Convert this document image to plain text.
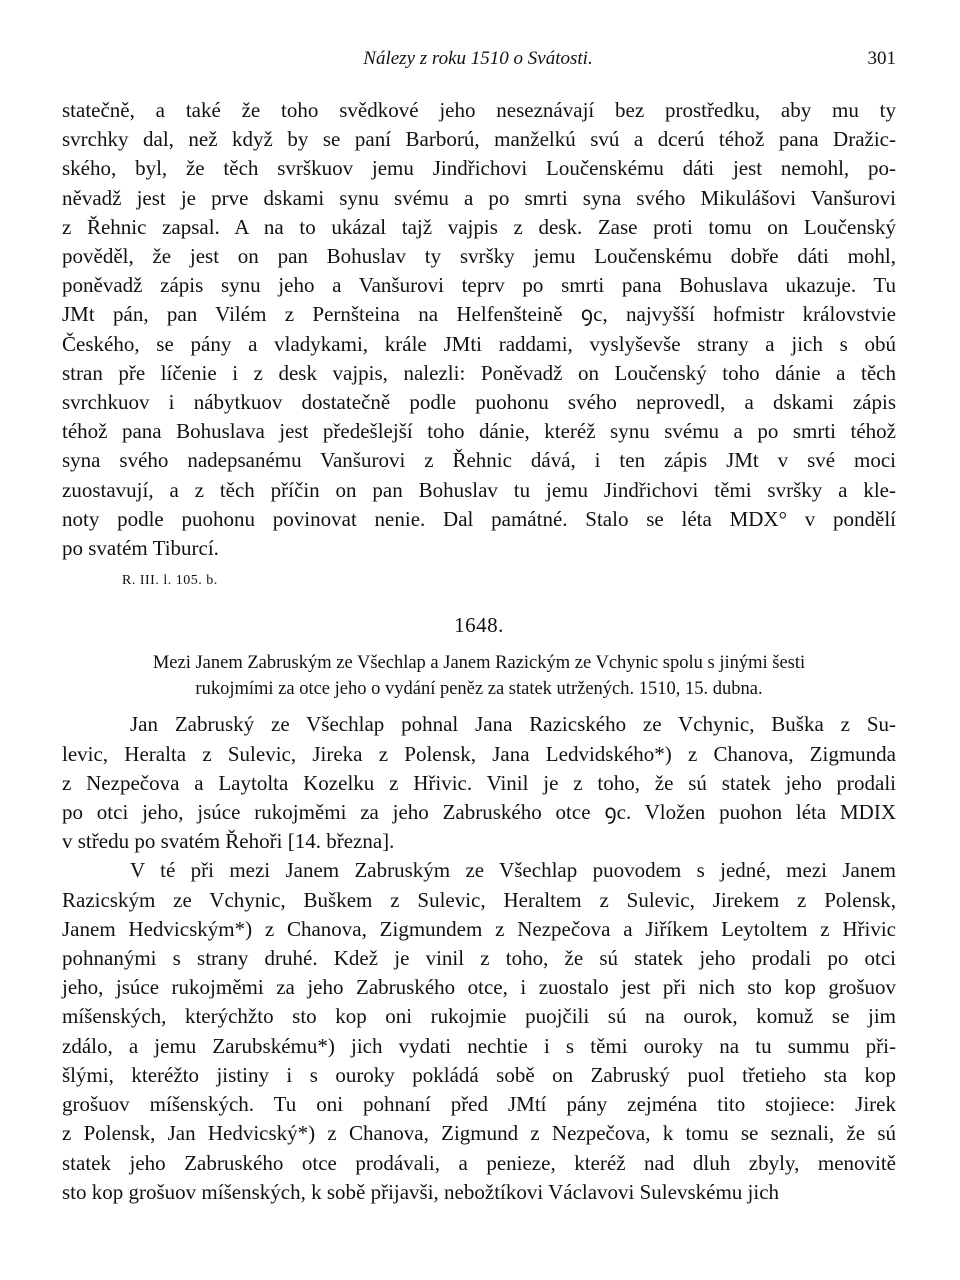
Nálezy z roku 1510 o Svátosti.	301
statečně, a také že toho svědkové jeho neseznávají bez prostředku, aby mu ty
svrchky dal, než když by se paní Barború, manželkú svú a dcerú téhož pana Dražic-
ského, byl, že těch svrškuov jemu Jindřichovi Loučenskému dáti jest nemohl, po-
něvadž jest je prve dskami synu svému a po smrti syna svého Mikulášovi Vanšurovi
z Řehnic zapsal. A na to ukázal tajž vajpis z desk. Zase proti tomu on Loučenský
pověděl, že jest on pan Bohuslav ty svršky jemu Loučenskému dobře dáti mohl,
poněvadž zápis synu jeho a Vanšurovi teprv po smrti pana Bohuslava ukazuje. Tu
JMt pán, pan Vilém z Pernšteina na Helfenšteině ꝯc, najvyšší hofmistr královstvie
Českého, se pány a vladykami, krále JMti raddami, vyslyševše strany a jich s obú
stran pře líčenie i z desk vajpis, nalezli: Poněvadž on Loučenský toho dánie a těch
svrchkuov i nábytkuov dostatečně podle puohonu svého neprovedl, a dskami zápis
téhož pana Bohuslava jest předešlejší toho dánie, kteréž synu svému a po smrti téhož
syna svého nadepsanému Vanšurovi z Řehnic dává, i ten zápis JMt v své moci
zuostavují, a z těch příčin on pan Bohuslav tu jemu Jindřichovi těmi svršky a kle-
noty podle puohonu povinovat nenie. Dal památné. Stalo se léta MDX° v pondělí
po svatém Tiburcí.
R. III. l. 105. b.
1648.
Mezi Janem Zabruským ze Všechlap a Janem Razickým ze Vchynic spolu s jinými šesti
rukojmími za otce jeho o vydání peněz za statek utržených. 1510, 15. dubna.
Jan Zabruský ze Všechlap pohnal Jana Razicského ze Vchynic, Buška z Su-
levic, Heralta z Sulevic, Jireka z Polensk, Jana Ledvidského*) z Chanova, Zigmunda
z Nezpečova a Laytolta Kozelku z Hřivic. Vinil je z toho, že sú statek jeho prodali
po otci jeho, jsúce rukojměmi za jeho Zabruského otce ꝯc. Vložen puohon léta MDIX
v středu po svatém Řehoři [14. března].
V té při mezi Janem Zabruským ze Všechlap puovodem s jedné, mezi Janem
Razicským ze Vchynic, Buškem z Sulevic, Heraltem z Sulevic, Jirekem z Polensk,
Janem Hedvicským*) z Chanova, Zigmundem z Nezpečova a Jiříkem Leytoltem z Hřivic
pohnanými s strany druhé. Kdež je vinil z toho, že sú statek jeho prodali po otci
jeho, jsúce rukojměmi za jeho Zabruského otce, i zuostalo jest při nich sto kop grošuov
míšenských, kterýchžto sto kop oni rukojmie puojčili sú na ourok, komuž se jim
zdálo, a jemu Zarubskému*) jich vydati nechtie i s těmi ouroky na tu summu při-
šlými, kteréžto jistiny i s ouroky pokládá sobě on Zabruský puol třetieho sta kop
grošuov míšenských. Tu oni pohnaní před JMtí pány zejména tito stojiece: Jirek
z Polensk, Jan Hedvicský*) z Chanova, Zigmund z Nezpečova, k tomu se seznali, že sú
statek jeho Zabruského otce prodávali, a penieze, kteréž nad dluh zbyly, menovitě
sto kop grošuov míšenských, k sobě přijavši, nebožtíkovi Václavovi Sulevskému jich
